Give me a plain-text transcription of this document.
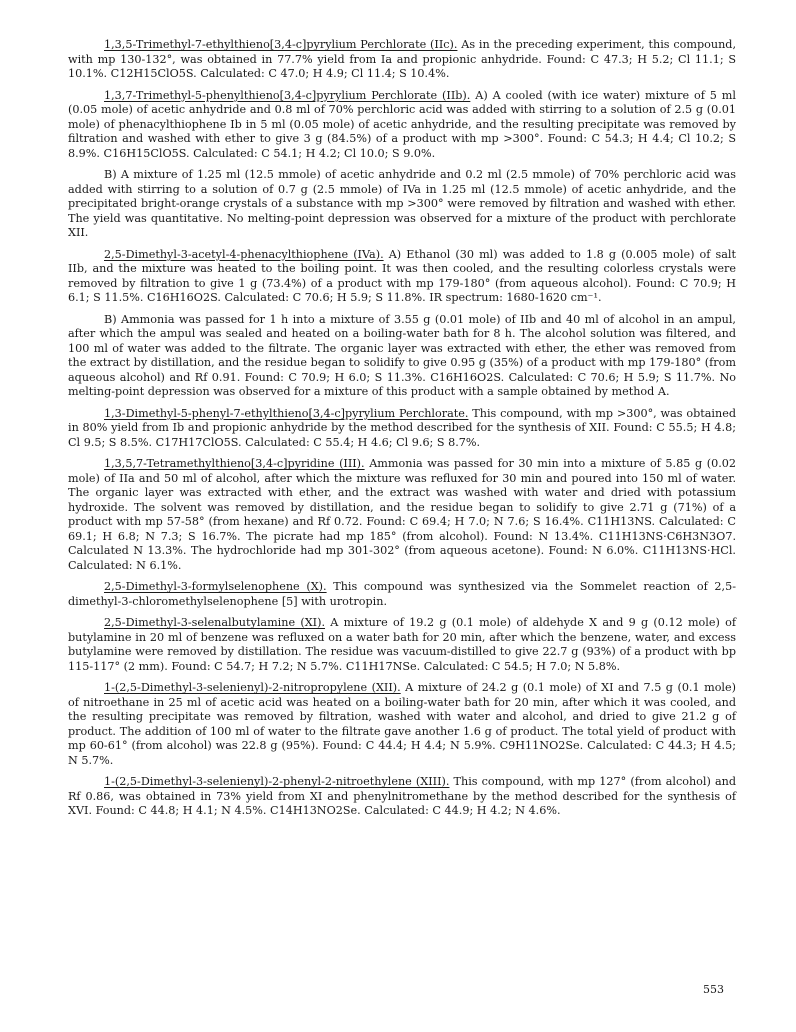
1,3,5-Trimethyl-7-ethylthieno[3,4-c]pyrylium Perchlorate (IIc). As in the preceding experiment, this compound, with mp 130-132°, was obtained in 77.7% yield from Ia and propionic anhydride. Found: C 47.3; H 5.2; Cl 11.1; S 10.1%. C12H15ClO5S. Calculated: C 47.0; H 4.9; Cl 11.4; S 10.4%.

1,3,7-Trimethyl-5-phenylthieno[3,4-c]pyrylium Perchlorate (IIb). A) A cooled (with ice water) mixture of 5 ml (0.05 mole) of acetic anhydride and 0.8 ml of 70% perchloric acid was added with stirring to a solution of 2.5 g (0.01 mole) of phenacylthiophene Ib in 5 ml (0.05 mole) of acetic anhydride, and the resulting precipitate was removed by filtration and washed with ether to give 3 g (84.5%) of a product with mp >300°. Found: C 54.3; H 4.4; Cl 10.2; S 8.9%. C16H15ClO5S. Calculated: C 54.1; H 4.2; Cl 10.0; S 9.0%.

B) A mixture of 1.25 ml (12.5 mmole) of acetic anhydride and 0.2 ml (2.5 mmole) of 70% perchloric acid was added with stirring to a solution of 0.7 g (2.5 mmole) of IVa in 1.25 ml (12.5 mmole) of acetic anhydride, and the precipitated bright-orange crystals of a substance with mp >300° were removed by filtration and washed with ether. The yield was quantitative. No melting-point depression was observed for a mixture of the product with perchlorate XII.

2,5-Dimethyl-3-acetyl-4-phenacylthiophene (IVa). A) Ethanol (30 ml) was added to 1.8 g (0.005 mole) of salt IIb, and the mixture was heated to the boiling point. It was then cooled, and the resulting colorless crystals were removed by filtration to give 1 g (73.4%) of a product with mp 179-180° (from aqueous alcohol). Found: C 70.9; H 6.1; S 11.5%. C16H16O2S. Calculated: C 70.6; H 5.9; S 11.8%. IR spectrum: 1680-1620 cm⁻¹.

B) Ammonia was passed for 1 h into a mixture of 3.55 g (0.01 mole) of IIb and 40 ml of alcohol in an ampul, after which the ampul was sealed and heated on a boiling-water bath for 8 h. The alcohol solution was filtered, and 100 ml of water was added to the filtrate. The organic layer was extracted with ether, the ether was removed from the extract by distillation, and the residue began to solidify to give 0.95 g (35%) of a product with mp 179-180° (from aqueous alcohol) and Rf 0.91. Found: C 70.9; H 6.0; S 11.3%. C16H16O2S. Calculated: C 70.6; H 5.9; S 11.7%. No melting-point depression was observed for a mixture of this product with a sample obtained by method A.

1,3-Dimethyl-5-phenyl-7-ethylthieno[3,4-c]pyrylium Perchlorate. This compound, with mp >300°, was obtained in 80% yield from Ib and propionic anhydride by the method described for the synthesis of XII. Found: C 55.5; H 4.8; Cl 9.5; S 8.5%. C17H17ClO5S. Calculated: C 55.4; H 4.6; Cl 9.6; S 8.7%.

1,3,5,7-Tetramethylthieno[3,4-c]pyridine (III). Ammonia was passed for 30 min into a mixture of 5.85 g (0.02 mole) of IIa and 50 ml of alcohol, after which the mixture was refluxed for 30 min and poured into 150 ml of water. The organic layer was extracted with ether, and the extract was washed with water and dried with potassium hydroxide. The solvent was removed by distillation, and the residue began to solidify to give 2.71 g (71%) of a product with mp 57-58° (from hexane) and Rf 0.72. Found: C 69.4; H 7.0; N 7.6; S 16.4%. C11H13NS. Calculated: C 69.1; H 6.8; N 7.3; S 16.7%. The picrate had mp 185° (from alcohol). Found: N 13.4%. C11H13NS·C6H3N3O7. Calculated N 13.3%. The hydrochloride had mp 301-302° (from aqueous acetone). Found: N 6.0%. C11H13NS·HCl. Calculated: N 6.1%.

2,5-Dimethyl-3-formylselenophene (X). This compound was synthesized via the Sommelet reaction of 2,5-dimethyl-3-chloromethylselenophene [5] with urotropin.

2,5-Dimethyl-3-selenalbutylamine (XI). A mixture of 19.2 g (0.1 mole) of aldehyde X and 9 g (0.12 mole) of butylamine in 20 ml of benzene was refluxed on a water bath for 20 min, after which the benzene, water, and excess butylamine were removed by distillation. The residue was vacuum-distilled to give 22.7 g (93%) of a product with bp 115-117° (2 mm). Found: C 54.7; H 7.2; N 5.7%. C11H17NSe. Calculated: C 54.5; H 7.0; N 5.8%.

1-(2,5-Dimethyl-3-selenienyl)-2-nitropropylene (XII). A mixture of 24.2 g (0.1 mole) of XI and 7.5 g (0.1 mole) of nitroethane in 25 ml of acetic acid was heated on a boiling-water bath for 20 min, after which it was cooled, and the resulting precipitate was removed by filtration, washed with water and alcohol, and dried to give 21.2 g of product. The addition of 100 ml of water to the filtrate gave another 1.6 g of product. The total yield of product with mp 60-61° (from alcohol) was 22.8 g (95%). Found: C 44.4; H 4.4; N 5.9%. C9H11NO2Se. Calculated: C 44.3; H 4.5; N 5.7%.

1-(2,5-Dimethyl-3-selenienyl)-2-phenyl-2-nitroethylene (XIII). This compound, with mp 127° (from alcohol) and Rf 0.86, was obtained in 73% yield from XI and phenylnitromethane by the method described for the synthesis of XVI. Found: C 44.8; H 4.1; N 4.5%. C14H13NO2Se. Calculated: C 44.9; H 4.2; N 4.6%.

553
